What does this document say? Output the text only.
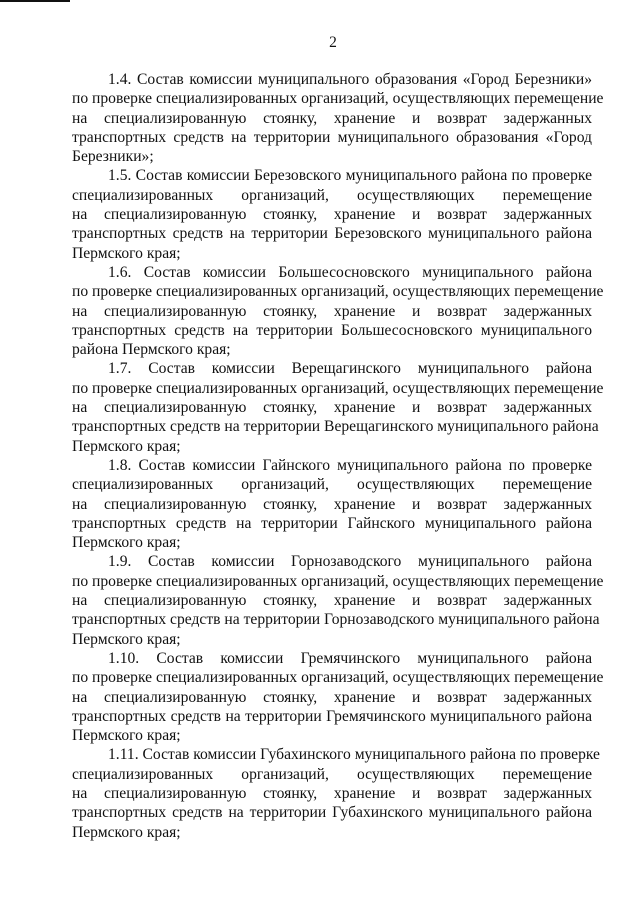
2
1.4. Состав комиссии муниципального образования «Город Березники»
по проверке специализированных организаций, осуществляющих перемещение
на специализированную стоянку, хранение и возврат задержанных
транспортных средств на территории муниципального образования «Город
Березники»;
1.5. Состав комиссии Березовского муниципального района по проверке
специализированных организаций, осуществляющих перемещение
на специализированную стоянку, хранение и возврат задержанных
транспортных средств на территории Березовского муниципального района
Пермского края;
1.6. Состав комиссии Большесосновского муниципального района
по проверке специализированных организаций, осуществляющих перемещение
на специализированную стоянку, хранение и возврат задержанных
транспортных средств на территории Большесосновского муниципального
района Пермского края;
1.7. Состав комиссии Верещагинского муниципального района
по проверке специализированных организаций, осуществляющих перемещение
на специализированную стоянку, хранение и возврат задержанных
транспортных средств на территории Верещагинского муниципального района
Пермского края;
1.8. Состав комиссии Гайнского муниципального района по проверке
специализированных организаций, осуществляющих перемещение
на специализированную стоянку, хранение и возврат задержанных
транспортных средств на территории Гайнского муниципального района
Пермского края;
1.9. Состав комиссии Горнозаводского муниципального района
по проверке специализированных организаций, осуществляющих перемещение
на специализированную стоянку, хранение и возврат задержанных
транспортных средств на территории Горнозаводского муниципального района
Пермского края;
1.10. Состав комиссии Гремячинского муниципального района
по проверке специализированных организаций, осуществляющих перемещение
на специализированную стоянку, хранение и возврат задержанных
транспортных средств на территории Гремячинского муниципального района
Пермского края;
1.11. Состав комиссии Губахинского муниципального района по проверке
специализированных организаций, осуществляющих перемещение
на специализированную стоянку, хранение и возврат задержанных
транспортных средств на территории Губахинского муниципального района
Пермского края;
